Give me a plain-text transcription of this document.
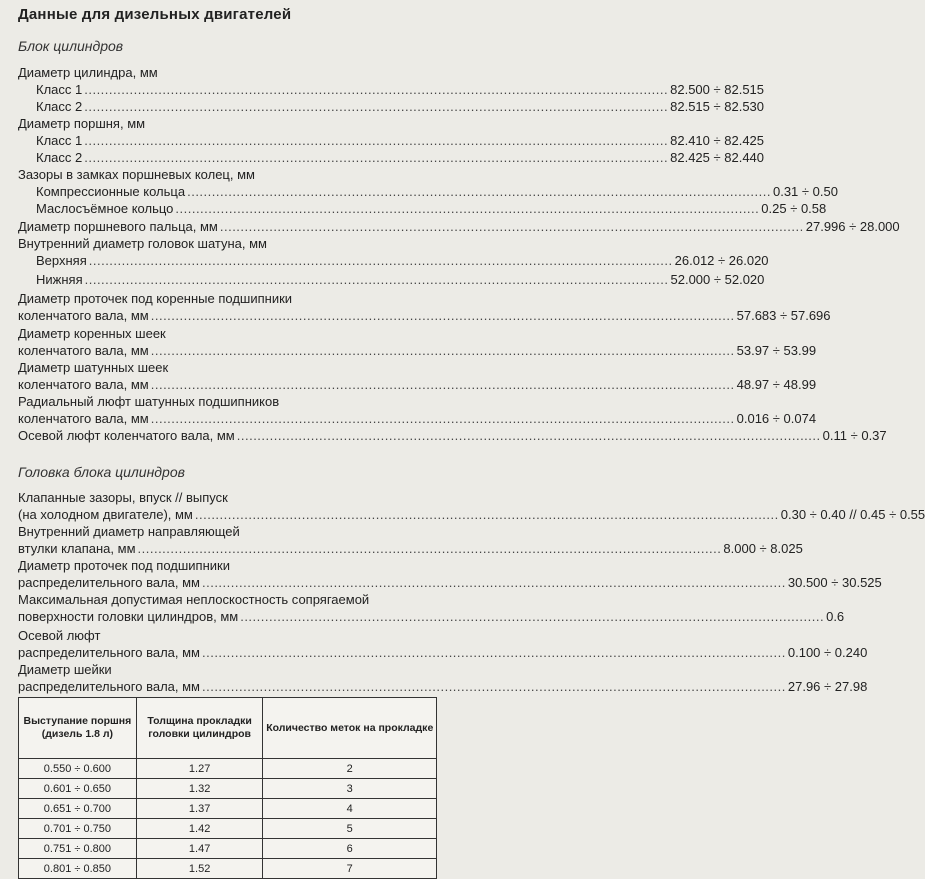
Данные для дизельных двигателей
Блок цилиндров
Диаметр цилиндра, мм
Класс 1 .............................................................................................................................................. 82.500 ÷ 82.515
Класс 2 .............................................................................................................................................. 82.515 ÷ 82.530
Диаметр поршня, мм
Класс 1 .............................................................................................................................................. 82.410 ÷ 82.425
Класс 2 .............................................................................................................................................. 82.425 ÷ 82.440
Зазоры в замках поршневых колец, мм
Компрессионные кольца .............................................................................................................................................. 0.31 ÷ 0.50
Маслосъёмное кольцо .............................................................................................................................................. 0.25 ÷ 0.58
Диаметр поршневого пальца, мм .............................................................................................................................................. 27.996 ÷ 28.000
Внутренний диаметр головок шатуна, мм
Верхняя .............................................................................................................................................. 26.012 ÷ 26.020
Нижняя .............................................................................................................................................. 52.000 ÷ 52.020
Диаметр проточек под коренные подшипники
коленчатого вала, мм .............................................................................................................................................. 57.683 ÷ 57.696
Диаметр коренных шеек
коленчатого вала, мм .............................................................................................................................................. 53.97 ÷ 53.99
Диаметр шатунных шеек
коленчатого вала, мм .............................................................................................................................................. 48.97 ÷ 48.99
Радиальный люфт шатунных подшипников
коленчатого вала, мм .............................................................................................................................................. 0.016 ÷ 0.074
Осевой люфт коленчатого вала, мм .............................................................................................................................................. 0.11 ÷ 0.37
Головка блока цилиндров
Клапанные зазоры, впуск // выпуск
(на холодном двигателе), мм .............................................................................................................................................. 0.30 ÷ 0.40 // 0.45 ÷ 0.55
Внутренний диаметр направляющей
втулки клапана, мм .............................................................................................................................................. 8.000 ÷ 8.025
Диаметр проточек под подшипники
распределительного вала, мм .............................................................................................................................................. 30.500 ÷ 30.525
Максимальная допустимая неплоскостность сопрягаемой
поверхности головки цилиндров, мм .............................................................................................................................................. 0.6
Осевой люфт
распределительного вала, мм .............................................................................................................................................. 0.100 ÷ 0.240
Диаметр шейки
распределительного вала, мм .............................................................................................................................................. 27.96 ÷ 27.98
Выступание поршня (дизель 1.8 л)	Толщина прокладки головки цилиндров	Количество меток на прокладке
0.550 ÷ 0.600	1.27	2
0.601 ÷ 0.650	1.32	3
0.651 ÷ 0.700	1.37	4
0.701 ÷ 0.750	1.42	5
0.751 ÷ 0.800	1.47	6
0.801 ÷ 0.850	1.52	7
